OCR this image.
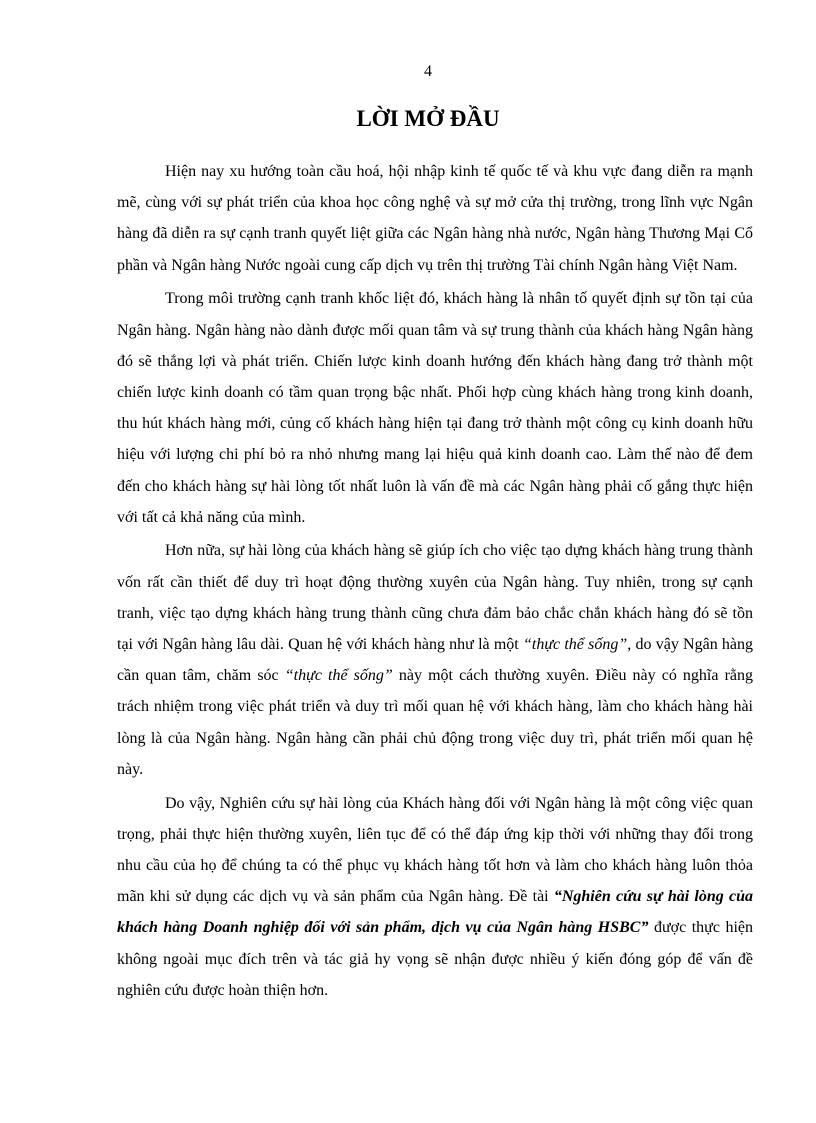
4
LỜI MỞ ĐẦU

Hiện nay xu hướng toàn cầu hoá, hội nhập kinh tế quốc tế và khu vực đang diễn ra mạnh mẽ, cùng với sự phát triển của khoa học công nghệ và sự mở cửa thị trường, trong lĩnh vực Ngân hàng đã diễn ra sự cạnh tranh quyết liệt giữa các Ngân hàng nhà nước, Ngân hàng Thương Mại Cổ phần và Ngân hàng Nước ngoài cung cấp dịch vụ trên thị trường Tài chính Ngân hàng Việt Nam.

Trong môi trường cạnh tranh khốc liệt đó, khách hàng là nhân tố quyết định sự tồn tại của Ngân hàng. Ngân hàng nào dành được mối quan tâm và sự trung thành của khách hàng Ngân hàng đó sẽ thắng lợi và phát triển. Chiến lược kinh doanh hướng đến khách hàng đang trở thành một chiến lược kinh doanh có tầm quan trọng bậc nhất. Phối hợp cùng khách hàng trong kinh doanh, thu hút khách hàng mới, củng cố khách hàng hiện tại đang trở thành một công cụ kinh doanh hữu hiệu với lượng chi phí bỏ ra nhỏ nhưng mang lại hiệu quả kinh doanh cao. Làm thế nào để đem đến cho khách hàng sự hài lòng tốt nhất luôn là vấn đề mà các Ngân hàng phải cố gắng thực hiện với tất cả khả năng của mình.

Hơn nữa, sự hài lòng của khách hàng sẽ giúp ích cho việc tạo dựng khách hàng trung thành vốn rất cần thiết để duy trì hoạt động thường xuyên của Ngân hàng. Tuy nhiên, trong sự cạnh tranh, việc tạo dựng khách hàng trung thành cũng chưa đảm bảo chắc chắn khách hàng đó sẽ tồn tại với Ngân hàng lâu dài. Quan hệ với khách hàng như là một “thực thể sống”, do vậy Ngân hàng cần quan tâm, chăm sóc “thực thể sống” này một cách thường xuyên. Điều này có nghĩa rằng trách nhiệm trong việc phát triển và duy trì mối quan hệ với khách hàng, làm cho khách hàng hài lòng là của Ngân hàng. Ngân hàng cần phải chủ động trong việc duy trì, phát triển mối quan hệ này.

Do vậy, Nghiên cứu sự hài lòng của Khách hàng đối với Ngân hàng là một công việc quan trọng, phải thực hiện thường xuyên, liên tục để có thể đáp ứng kịp thời với những thay đổi trong nhu cầu của họ để chúng ta có thể phục vụ khách hàng tốt hơn và làm cho khách hàng luôn thỏa mãn khi sử dụng các dịch vụ và sản phẩm của Ngân hàng. Đề tài “Nghiên cứu sự hài lòng của khách hàng Doanh nghiệp đối với sản phẩm, dịch vụ của Ngân hàng HSBC” được thực hiện không ngoài mục đích trên và tác giả hy vọng sẽ nhận được nhiều ý kiến đóng góp để vấn đề nghiên cứu được hoàn thiện hơn.
